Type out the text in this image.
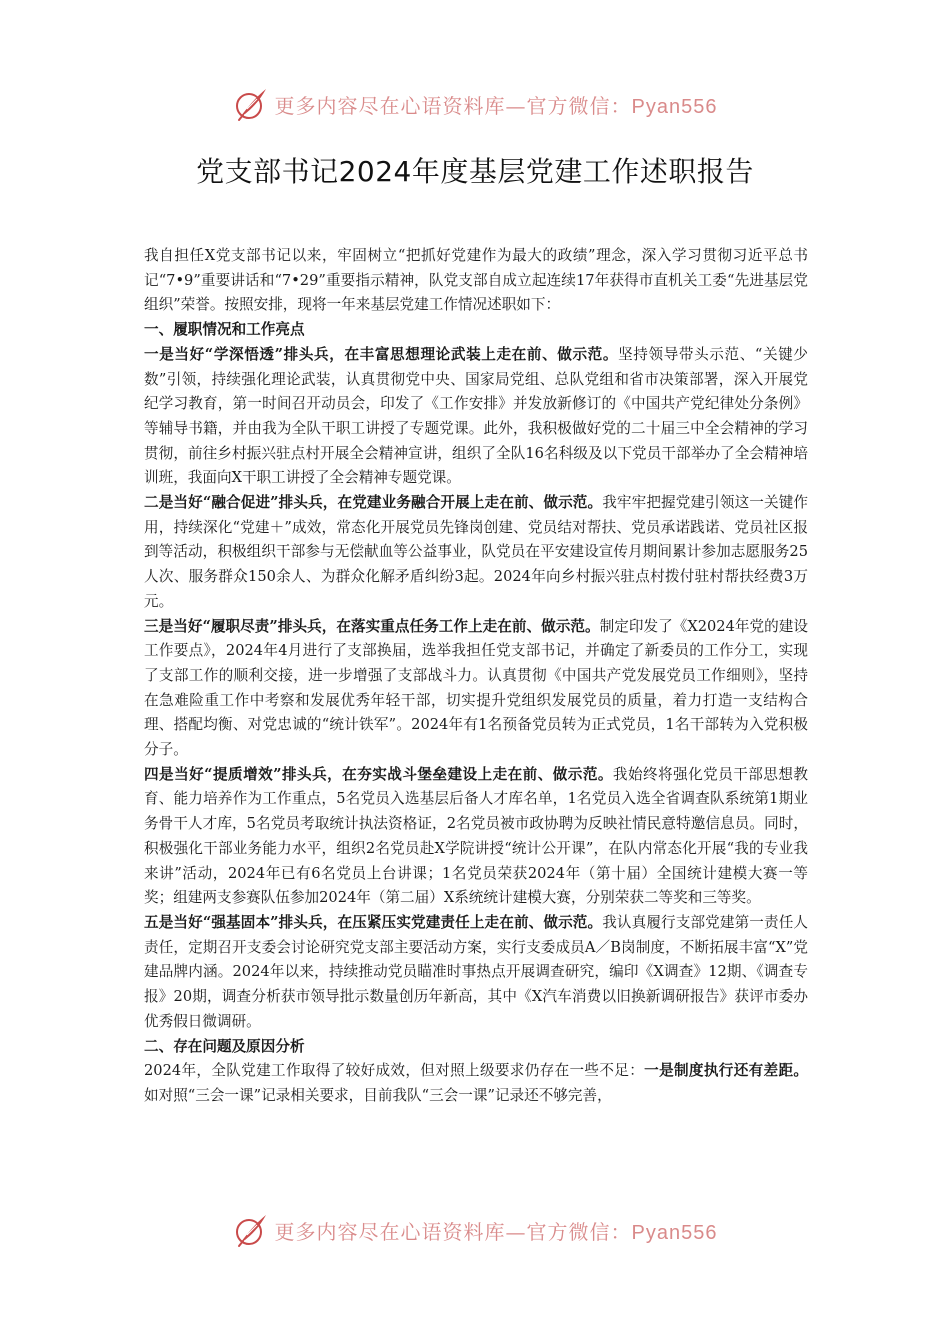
更多内容尽在心语资料库—官方微信：Pyan556
党支部书记2024年度基层党建工作述职报告

我自担任X党支部书记以来，牢固树立“把抓好党建作为最大的政绩”理念，深入学习贯彻习近平总书记“7•9”重要讲话和“7•29”重要指示精神，队党支部自成立起连续17年获得市直机关工委“先进基层党组织”荣誉。按照安排，现将一年来基层党建工作情况述职如下：

一、履职情况和工作亮点

一是当好“学深悟透”排头兵，在丰富思想理论武装上走在前、做示范。坚持领导带头示范、“关键少数”引领，持续强化理论武装，认真贯彻党中央、国家局党组、总队党组和省市决策部署，深入开展党纪学习教育，第一时间召开动员会，印发了《工作安排》并发放新修订的《中国共产党纪律处分条例》等辅导书籍，并由我为全队干职工讲授了专题党课。此外，我积极做好党的二十届三中全会精神的学习贯彻，前往乡村振兴驻点村开展全会精神宣讲，组织了全队16名科级及以下党员干部举办了全会精神培训班，我面向X干职工讲授了全会精神专题党课。

二是当好“融合促进”排头兵，在党建业务融合开展上走在前、做示范。我牢牢把握党建引领这一关键作用，持续深化“党建＋”成效，常态化开展党员先锋岗创建、党员结对帮扶、党员承诺践诺、党员社区报到等活动，积极组织干部参与无偿献血等公益事业，队党员在平安建设宣传月期间累计参加志愿服务25人次、服务群众150余人、为群众化解矛盾纠纷3起。2024年向乡村振兴驻点村拨付驻村帮扶经费3万元。

三是当好“履职尽责”排头兵，在落实重点任务工作上走在前、做示范。制定印发了《X2024年党的建设工作要点》，2024年4月进行了支部换届，选举我担任党支部书记，并确定了新委员的工作分工，实现了支部工作的顺利交接，进一步增强了支部战斗力。认真贯彻《中国共产党发展党员工作细则》，坚持在急难险重工作中考察和发展优秀年轻干部，切实提升党组织发展党员的质量，着力打造一支结构合理、搭配均衡、对党忠诚的“统计铁军”。2024年有1名预备党员转为正式党员，1名干部转为入党积极分子。

四是当好“提质增效”排头兵，在夯实战斗堡垒建设上走在前、做示范。我始终将强化党员干部思想教育、能力培养作为工作重点，5名党员入选基层后备人才库名单，1名党员入选全省调查队系统第1期业务骨干人才库，5名党员考取统计执法资格证，2名党员被市政协聘为反映社情民意特邀信息员。同时，积极强化干部业务能力水平，组织2名党员赴X学院讲授“统计公开课”，在队内常态化开展“我的专业我来讲”活动，2024年已有6名党员上台讲课；1名党员荣获2024年（第十届）全国统计建模大赛一等奖；组建两支参赛队伍参加2024年（第二届）X系统统计建模大赛，分别荣获二等奖和三等奖。

五是当好“强基固本”排头兵，在压紧压实党建责任上走在前、做示范。我认真履行支部党建第一责任人责任，定期召开支委会讨论研究党支部主要活动方案，实行支委成员A／B岗制度，不断拓展丰富“X”党建品牌内涵。2024年以来，持续推动党员瞄准时事热点开展调查研究，编印《X调查》12期、《调查专报》20期，调查分析获市领导批示数量创历年新高，其中《X汽车消费以旧换新调研报告》获评市委办优秀假日微调研。

二、存在问题及原因分析

2024年，全队党建工作取得了较好成效，但对照上级要求仍存在一些不足：一是制度执行还有差距。如对照“三会一课”记录相关要求，目前我队“三会一课”记录还不够完善，

更多内容尽在心语资料库—官方微信：Pyan556
